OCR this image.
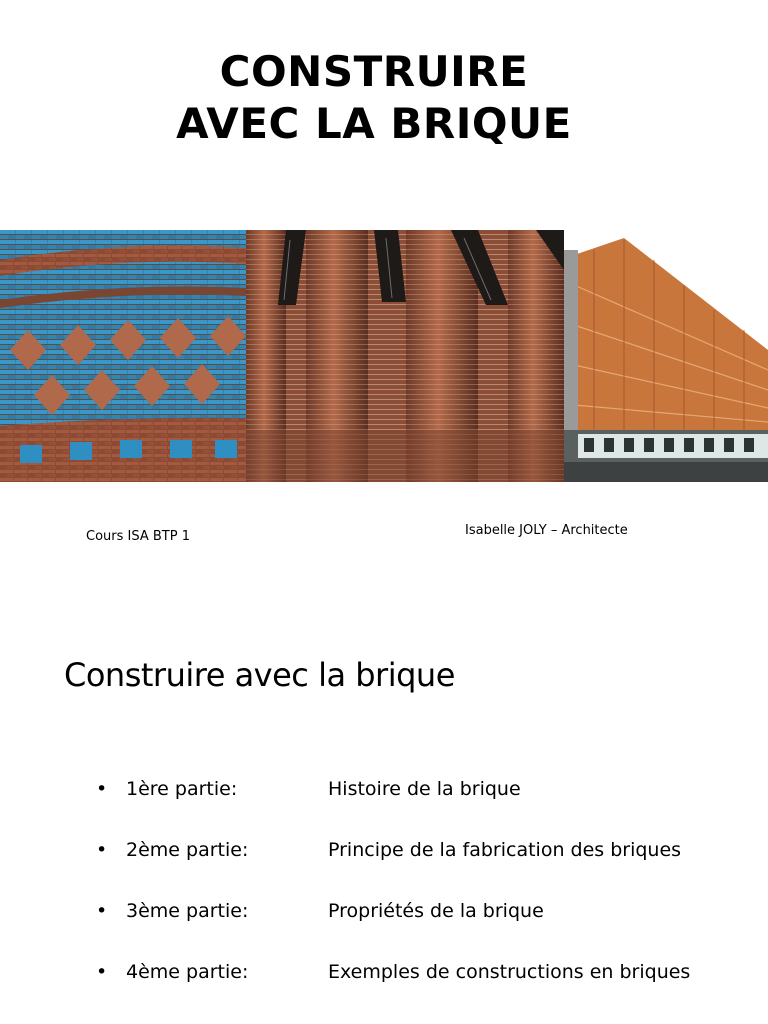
CONSTRUIRE
AVEC LA BRIQUE
Cours ISA BTP 1	Isabelle JOLY – Architecte
Construire avec la brique
• 1ère partie:	Histoire de la brique
• 2ème partie:	Principe de la fabrication des briques
• 3ème partie:	Propriétés de la brique
• 4ème partie:	Exemples de constructions en briques
